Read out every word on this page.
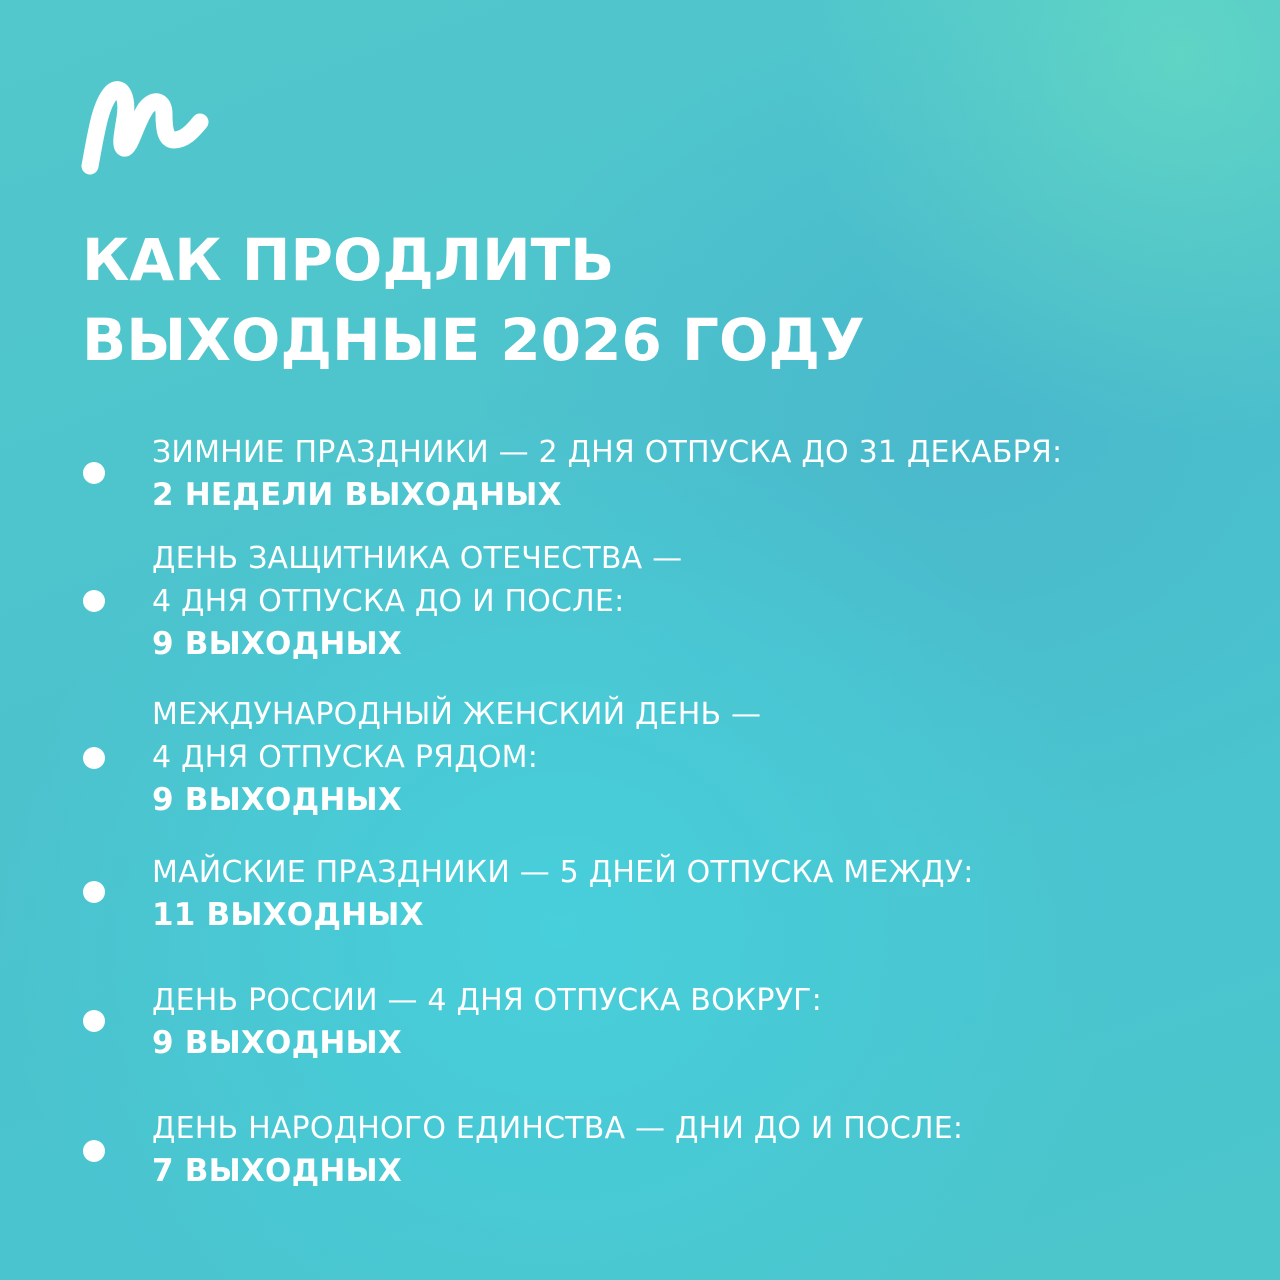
КАК ПРОДЛИТЬ
ВЫХОДНЫЕ 2026 ГОДУ
ЗИМНИЕ ПРАЗДНИКИ — 2 ДНЯ ОТПУСКА ДО 31 ДЕКАБРЯ:
2 НЕДЕЛИ ВЫХОДНЫХ
ДЕНЬ ЗАЩИТНИКА ОТЕЧЕСТВА —
4 ДНЯ ОТПУСКА ДО И ПОСЛЕ:
9 ВЫХОДНЫХ
МЕЖДУНАРОДНЫЙ ЖЕНСКИЙ ДЕНЬ —
4 ДНЯ ОТПУСКА РЯДОМ:
9 ВЫХОДНЫХ
МАЙСКИЕ ПРАЗДНИКИ — 5 ДНЕЙ ОТПУСКА МЕЖДУ:
11 ВЫХОДНЫХ
ДЕНЬ РОССИИ — 4 ДНЯ ОТПУСКА ВОКРУГ:
9 ВЫХОДНЫХ
ДЕНЬ НАРОДНОГО ЕДИНСТВА — ДНИ ДО И ПОСЛЕ:
7 ВЫХОДНЫХ
